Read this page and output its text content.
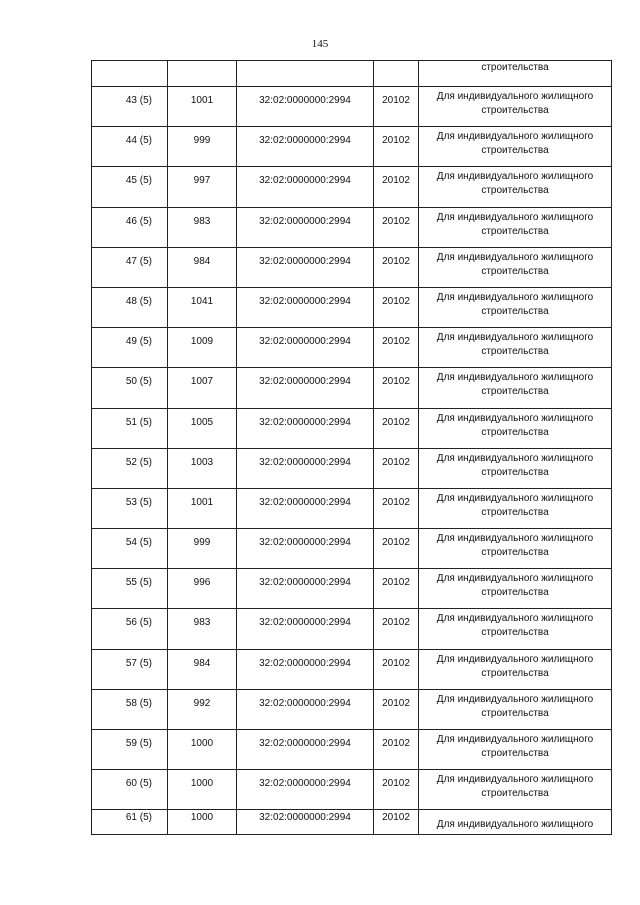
145

				строительства

43 (5)	1001	32:02:0000000:2994	20102	Для индивидуального жилищного
строительства

44 (5)	999	32:02:0000000:2994	20102	Для индивидуального жилищного
строительства

45 (5)	997	32:02:0000000:2994	20102	Для индивидуального жилищного
строительства

46 (5)	983	32:02:0000000:2994	20102	Для индивидуального жилищного
строительства

47 (5)	984	32:02:0000000:2994	20102	Для индивидуального жилищного
строительства

48 (5)	1041	32:02:0000000:2994	20102	Для индивидуального жилищного
строительства

49 (5)	1009	32:02:0000000:2994	20102	Для индивидуального жилищного
строительства

50 (5)	1007	32:02:0000000:2994	20102	Для индивидуального жилищного
строительства

51 (5)	1005	32:02:0000000:2994	20102	Для индивидуального жилищного
строительства

52 (5)	1003	32:02:0000000:2994	20102	Для индивидуального жилищного
строительства

53 (5)	1001	32:02:0000000:2994	20102	Для индивидуального жилищного
строительства

54 (5)	999	32:02:0000000:2994	20102	Для индивидуального жилищного
строительства

55 (5)	996	32:02:0000000:2994	20102	Для индивидуального жилищного
строительства

56 (5)	983	32:02:0000000:2994	20102	Для индивидуального жилищного
строительства

57 (5)	984	32:02:0000000:2994	20102	Для индивидуального жилищного
строительства

58 (5)	992	32:02:0000000:2994	20102	Для индивидуального жилищного
строительства

59 (5)	1000	32:02:0000000:2994	20102	Для индивидуального жилищного
строительства

60 (5)	1000	32:02:0000000:2994	20102	Для индивидуального жилищного
строительства

61 (5)	1000	32:02:0000000:2994	20102	Для индивидуального жилищного
